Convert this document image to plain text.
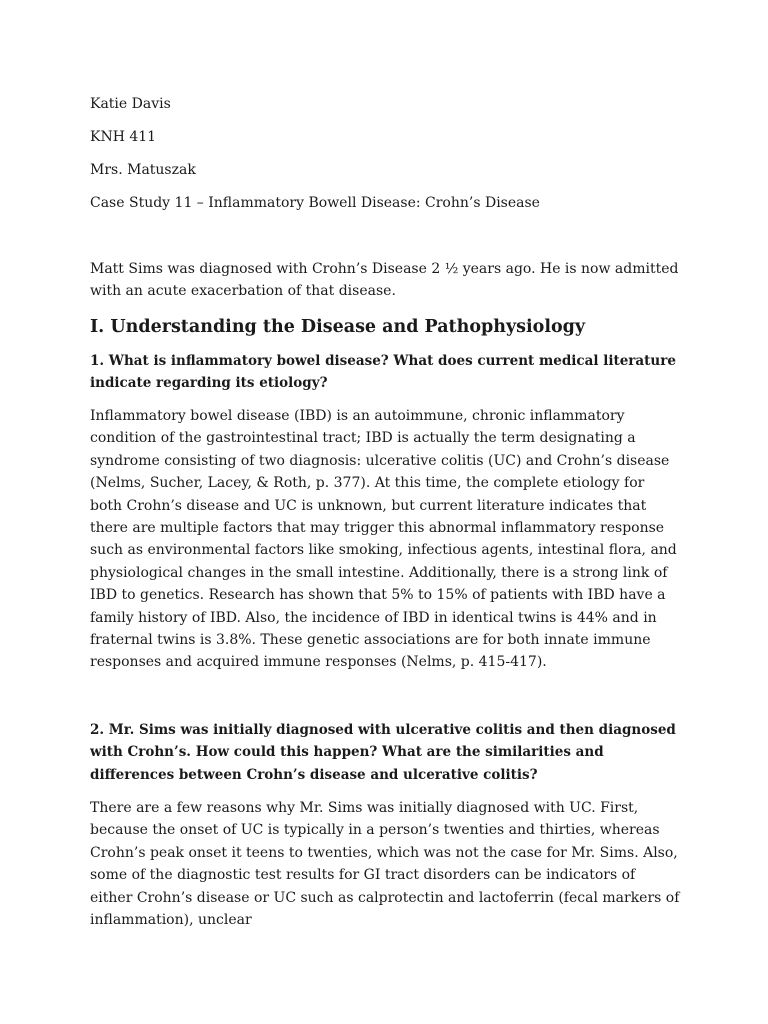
Katie Davis
KNH 411
Mrs. Matuszak
Case Study 11 – Inflammatory Bowell Disease: Crohn’s Disease
Matt Sims was diagnosed with Crohn’s Disease 2 ½ years ago. He is now admitted with an acute exacerbation of that disease.
I. Understanding the Disease and Pathophysiology
1. What is inflammatory bowel disease? What does current medical literature indicate regarding its etiology?
Inflammatory bowel disease (IBD) is an autoimmune, chronic inflammatory condition of the gastrointestinal tract; IBD is actually the term designating a syndrome consisting of two diagnosis: ulcerative colitis (UC) and Crohn’s disease (Nelms, Sucher, Lacey, & Roth, p. 377). At this time, the complete etiology for both Crohn’s disease and UC is unknown, but current literature indicates that there are multiple factors that may trigger this abnormal inflammatory response such as environmental factors like smoking, infectious agents, intestinal flora, and physiological changes in the small intestine. Additionally, there is a strong link of IBD to genetics. Research has shown that 5% to 15% of patients with IBD have a family history of IBD. Also, the incidence of IBD in identical twins is 44% and in fraternal twins is 3.8%. These genetic associations are for both innate immune responses and acquired immune responses (Nelms, p. 415-417).
2. Mr. Sims was initially diagnosed with ulcerative colitis and then diagnosed with Crohn’s. How could this happen? What are the similarities and differences between Crohn’s disease and ulcerative colitis?
There are a few reasons why Mr. Sims was initially diagnosed with UC. First, because the onset of UC is typically in a person’s twenties and thirties, whereas Crohn’s peak onset it teens to twenties, which was not the case for Mr. Sims. Also, some of the diagnostic test results for GI tract disorders can be indicators of either Crohn’s disease or UC such as calprotectin and lactoferrin (fecal markers of inflammation), unclear
